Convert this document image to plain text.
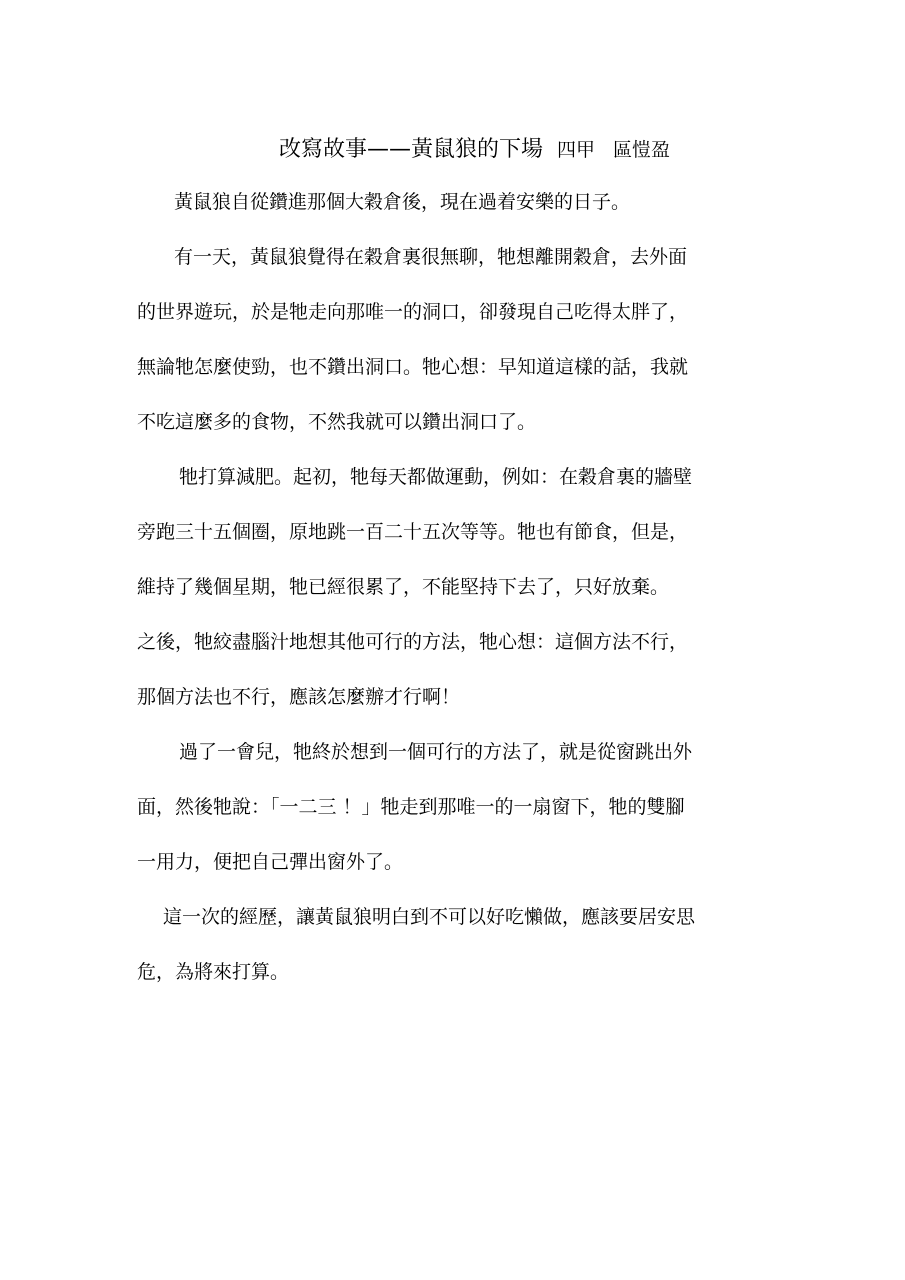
改寫故事——黃鼠狼的下場 四甲 區愷盈
黃鼠狼自從鑽進那個大穀倉後，現在過着安樂的日子。
有一天，黃鼠狼覺得在穀倉裏很無聊，牠想離開穀倉，去外面
的世界遊玩，於是牠走向那唯一的洞口，卻發現自己吃得太胖了，
無論牠怎麼使勁，也不鑽出洞口。牠心想：早知道這樣的話，我就
不吃這麼多的食物，不然我就可以鑽出洞口了。
牠打算減肥。起初，牠每天都做運動，例如：在穀倉裏的牆壁
旁跑三十五個圈，原地跳一百二十五次等等。牠也有節食，但是，
維持了幾個星期，牠已經很累了，不能堅持下去了，只好放棄。
之後，牠絞盡腦汁地想其他可行的方法，牠心想：這個方法不行，
那個方法也不行，應該怎麼辦才行啊！
過了一會兒，牠終於想到一個可行的方法了，就是從窗跳出外
面，然後牠說：「一二三 ！」牠走到那唯一的一扇窗下，牠的雙腳
一用力，便把自己彈出窗外了。
這一次的經歷，讓黃鼠狼明白到不可以好吃懶做，應該要居安思
危，為將來打算。
